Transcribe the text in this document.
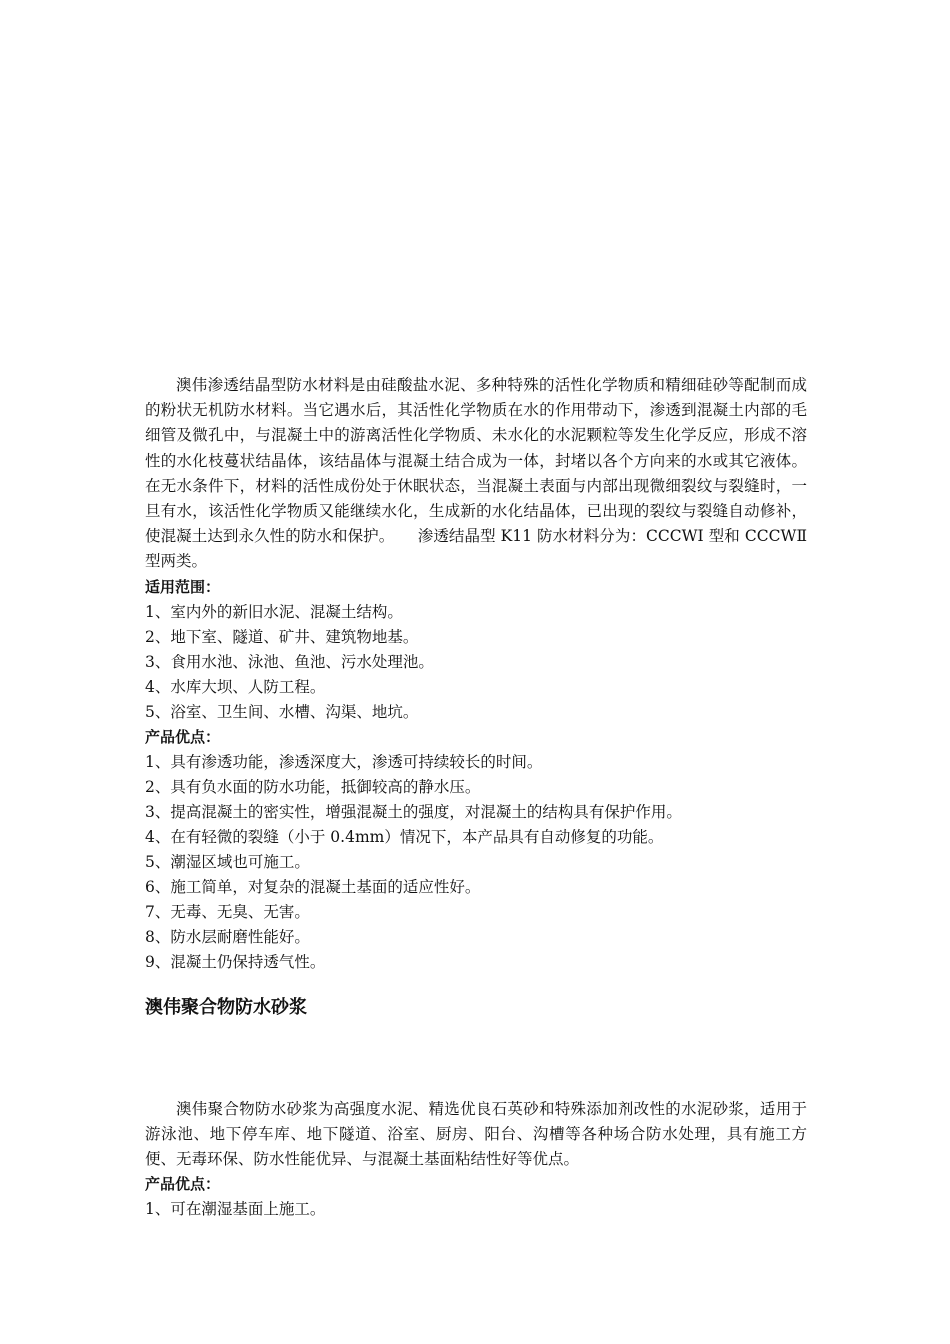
澳伟渗透结晶型防水材料是由硅酸盐水泥、多种特殊的活性化学物质和精细硅砂等配制而成的粉状无机防水材料。当它遇水后，其活性化学物质在水的作用带动下，渗透到混凝土内部的毛细管及微孔中，与混凝土中的游离活性化学物质、未水化的水泥颗粒等发生化学反应，形成不溶性的水化枝蔓状结晶体，该结晶体与混凝土结合成为一体，封堵以各个方向来的水或其它液体。在无水条件下，材料的活性成份处于休眠状态，当混凝土表面与内部出现微细裂纹与裂缝时，一旦有水，该活性化学物质又能继续水化，生成新的水化结晶体，已出现的裂纹与裂缝自动修补，使混凝土达到永久性的防水和保护。　　渗透结晶型 K11 防水材料分为：CCCWI 型和 CCCWⅡ 型两类。

适用范围：

1、室内外的新旧水泥、混凝土结构。
2、地下室、隧道、矿井、建筑物地基。
3、食用水池、泳池、鱼池、污水处理池。
4、水库大坝、人防工程。
5、浴室、卫生间、水槽、沟渠、地坑。

产品优点：

1、具有渗透功能，渗透深度大，渗透可持续较长的时间。
2、具有负水面的防水功能，抵御较高的静水压。
3、提高混凝土的密实性，增强混凝土的强度，对混凝土的结构具有保护作用。
4、在有轻微的裂缝（小于 0.4mm）情况下，本产品具有自动修复的功能。
5、潮湿区域也可施工。
6、施工简单，对复杂的混凝土基面的适应性好。
7、无毒、无臭、无害。
8、防水层耐磨性能好。
9、混凝土仍保持透气性。
澳伟聚合物防水砂浆

澳伟聚合物防水砂浆为高强度水泥、精选优良石英砂和特殊添加剂改性的水泥砂浆，适用于游泳池、地下停车库、地下隧道、浴室、厨房、阳台、沟槽等各种场合防水处理，具有施工方便、无毒环保、防水性能优异、与混凝土基面粘结性好等优点。

产品优点：

1、可在潮湿基面上施工。
